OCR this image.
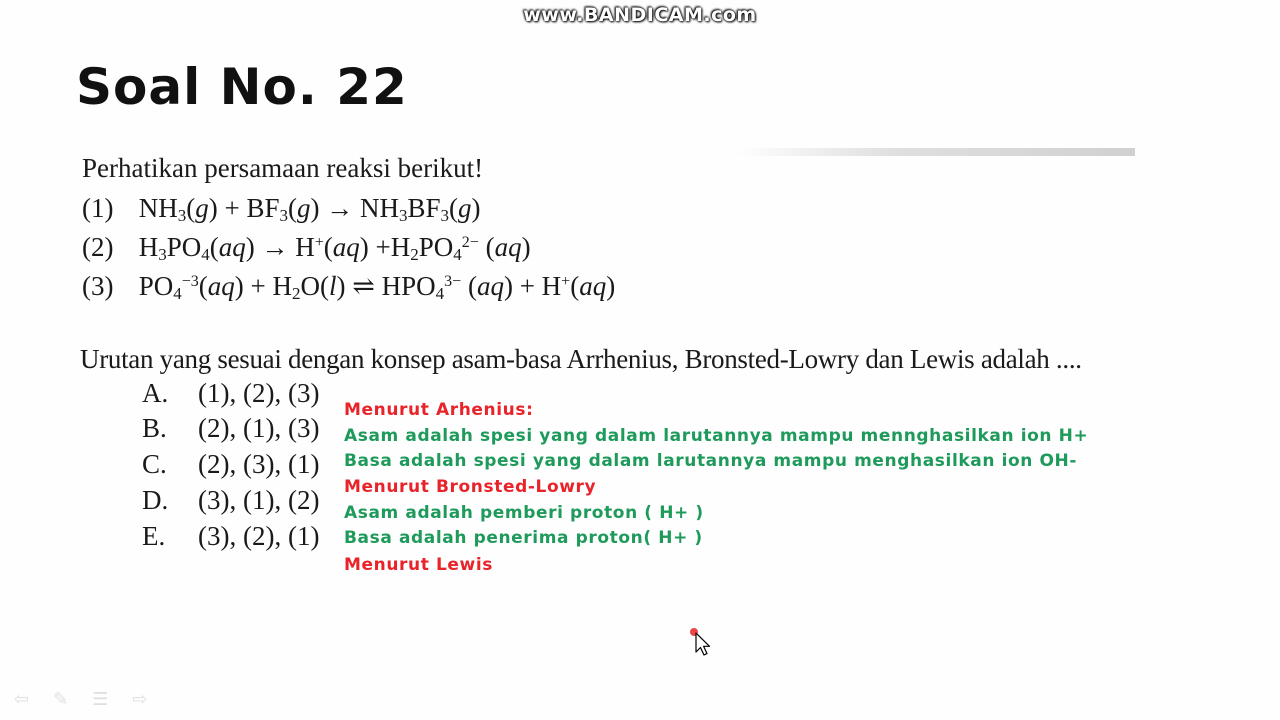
www.BANDICAM.com
Soal No. 22
Perhatikan persamaan reaksi berikut!
(1) $NH_3(g) + BF_3(g) \to NH_3BF_3(g)$
(2) $H_3PO_4(aq) \to H^+(aq) +H_2PO_4^{2-}$ (aq)
(3) $PO_4^{-3}(aq) + H_2O(l)$ ⇌ $HPO_4^{3-}$ (aq) + H+(aq)
Urutan yang sesuai dengan konsep asam-basa Arrhenius, Bronsted-Lowry dan Lewis adalah ....
A. (1), (2), (3)
B. (2), (1), (3)
C. (2), (3), (1)
D. (3), (1), (2)
E. (3), (2), (1)
Menurut Arhenius:
Asam adalah spesi yang dalam larutannya mampu mennghasilkan ion H+
Basa adalah spesi yang dalam larutannya mampu menghasilkan ion OH-
Menurut Bronsted-Lowry
Asam adalah pemberi proton ( H+ )
Basa adalah penerima proton( H+ )
Menurut Lewis
⇦ ✎ ☰ ⇨
